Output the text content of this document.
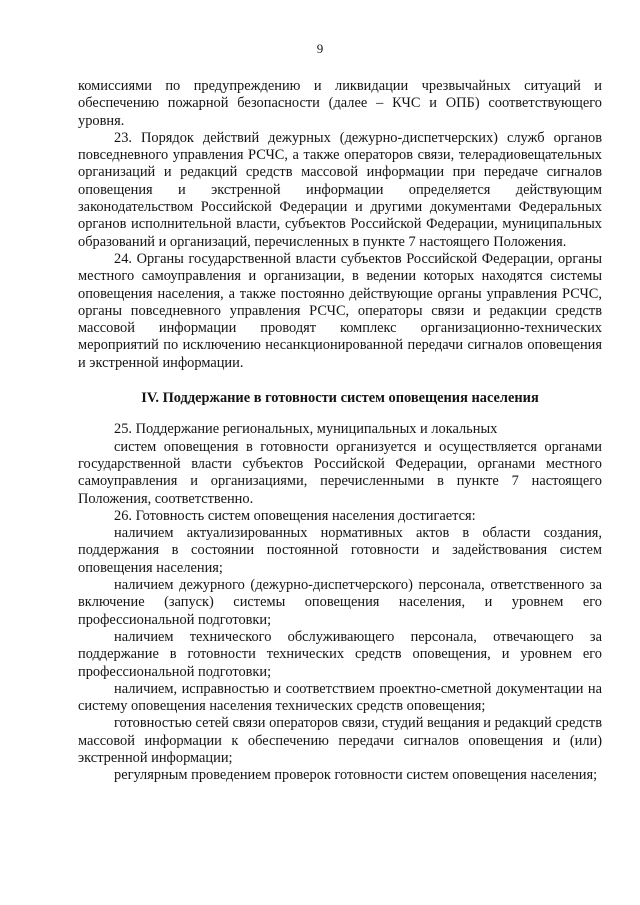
9

комиссиями по предупреждению и ликвидации чрезвычайных ситуаций и обеспечению пожарной безопасности (далее – КЧС и ОПБ) соответствующего уровня.

23. Порядок действий дежурных (дежурно-диспетчерских) служб органов повседневного управления РСЧС, а также операторов связи, телерадиовещательных организаций и редакций средств массовой информации при передаче сигналов оповещения и экстренной информации определяется действующим законодательством Российской Федерации и другими документами Федеральных органов исполнительной власти, субъектов Российской Федерации, муниципальных образований и организаций, перечисленных в пункте 7 настоящего Положения.

24. Органы государственной власти субъектов Российской Федерации, органы местного самоуправления и организации, в ведении которых находятся системы оповещения населения, а также постоянно действующие органы управления РСЧС, органы повседневного управления РСЧС, операторы связи и редакции средств массовой информации проводят комплекс организационно-технических мероприятий по исключению несанкционированной передачи сигналов оповещения и экстренной информации.

IV. Поддержание в готовности систем оповещения населения

25. Поддержание региональных, муниципальных и локальных

систем оповещения в готовности организуется и осуществляется органами государственной власти субъектов Российской Федерации, органами местного самоуправления и организациями, перечисленными в пункте 7 настоящего Положения, соответственно.

26. Готовность систем оповещения населения достигается:

наличием актуализированных нормативных актов в области создания, поддержания в состоянии постоянной готовности и задействования систем оповещения населения;

наличием дежурного (дежурно-диспетчерского) персонала, ответственного за включение (запуск) системы оповещения населения, и уровнем его профессиональной подготовки;

наличием технического обслуживающего персонала, отвечающего за поддержание в готовности технических средств оповещения, и уровнем его профессиональной подготовки;

наличием, исправностью и соответствием проектно-сметной документации на систему оповещения населения технических средств оповещения;

готовностью сетей связи операторов связи, студий вещания и редакций средств массовой информации к обеспечению передачи сигналов оповещения и (или) экстренной информации;

регулярным проведением проверок готовности систем оповещения населения;
